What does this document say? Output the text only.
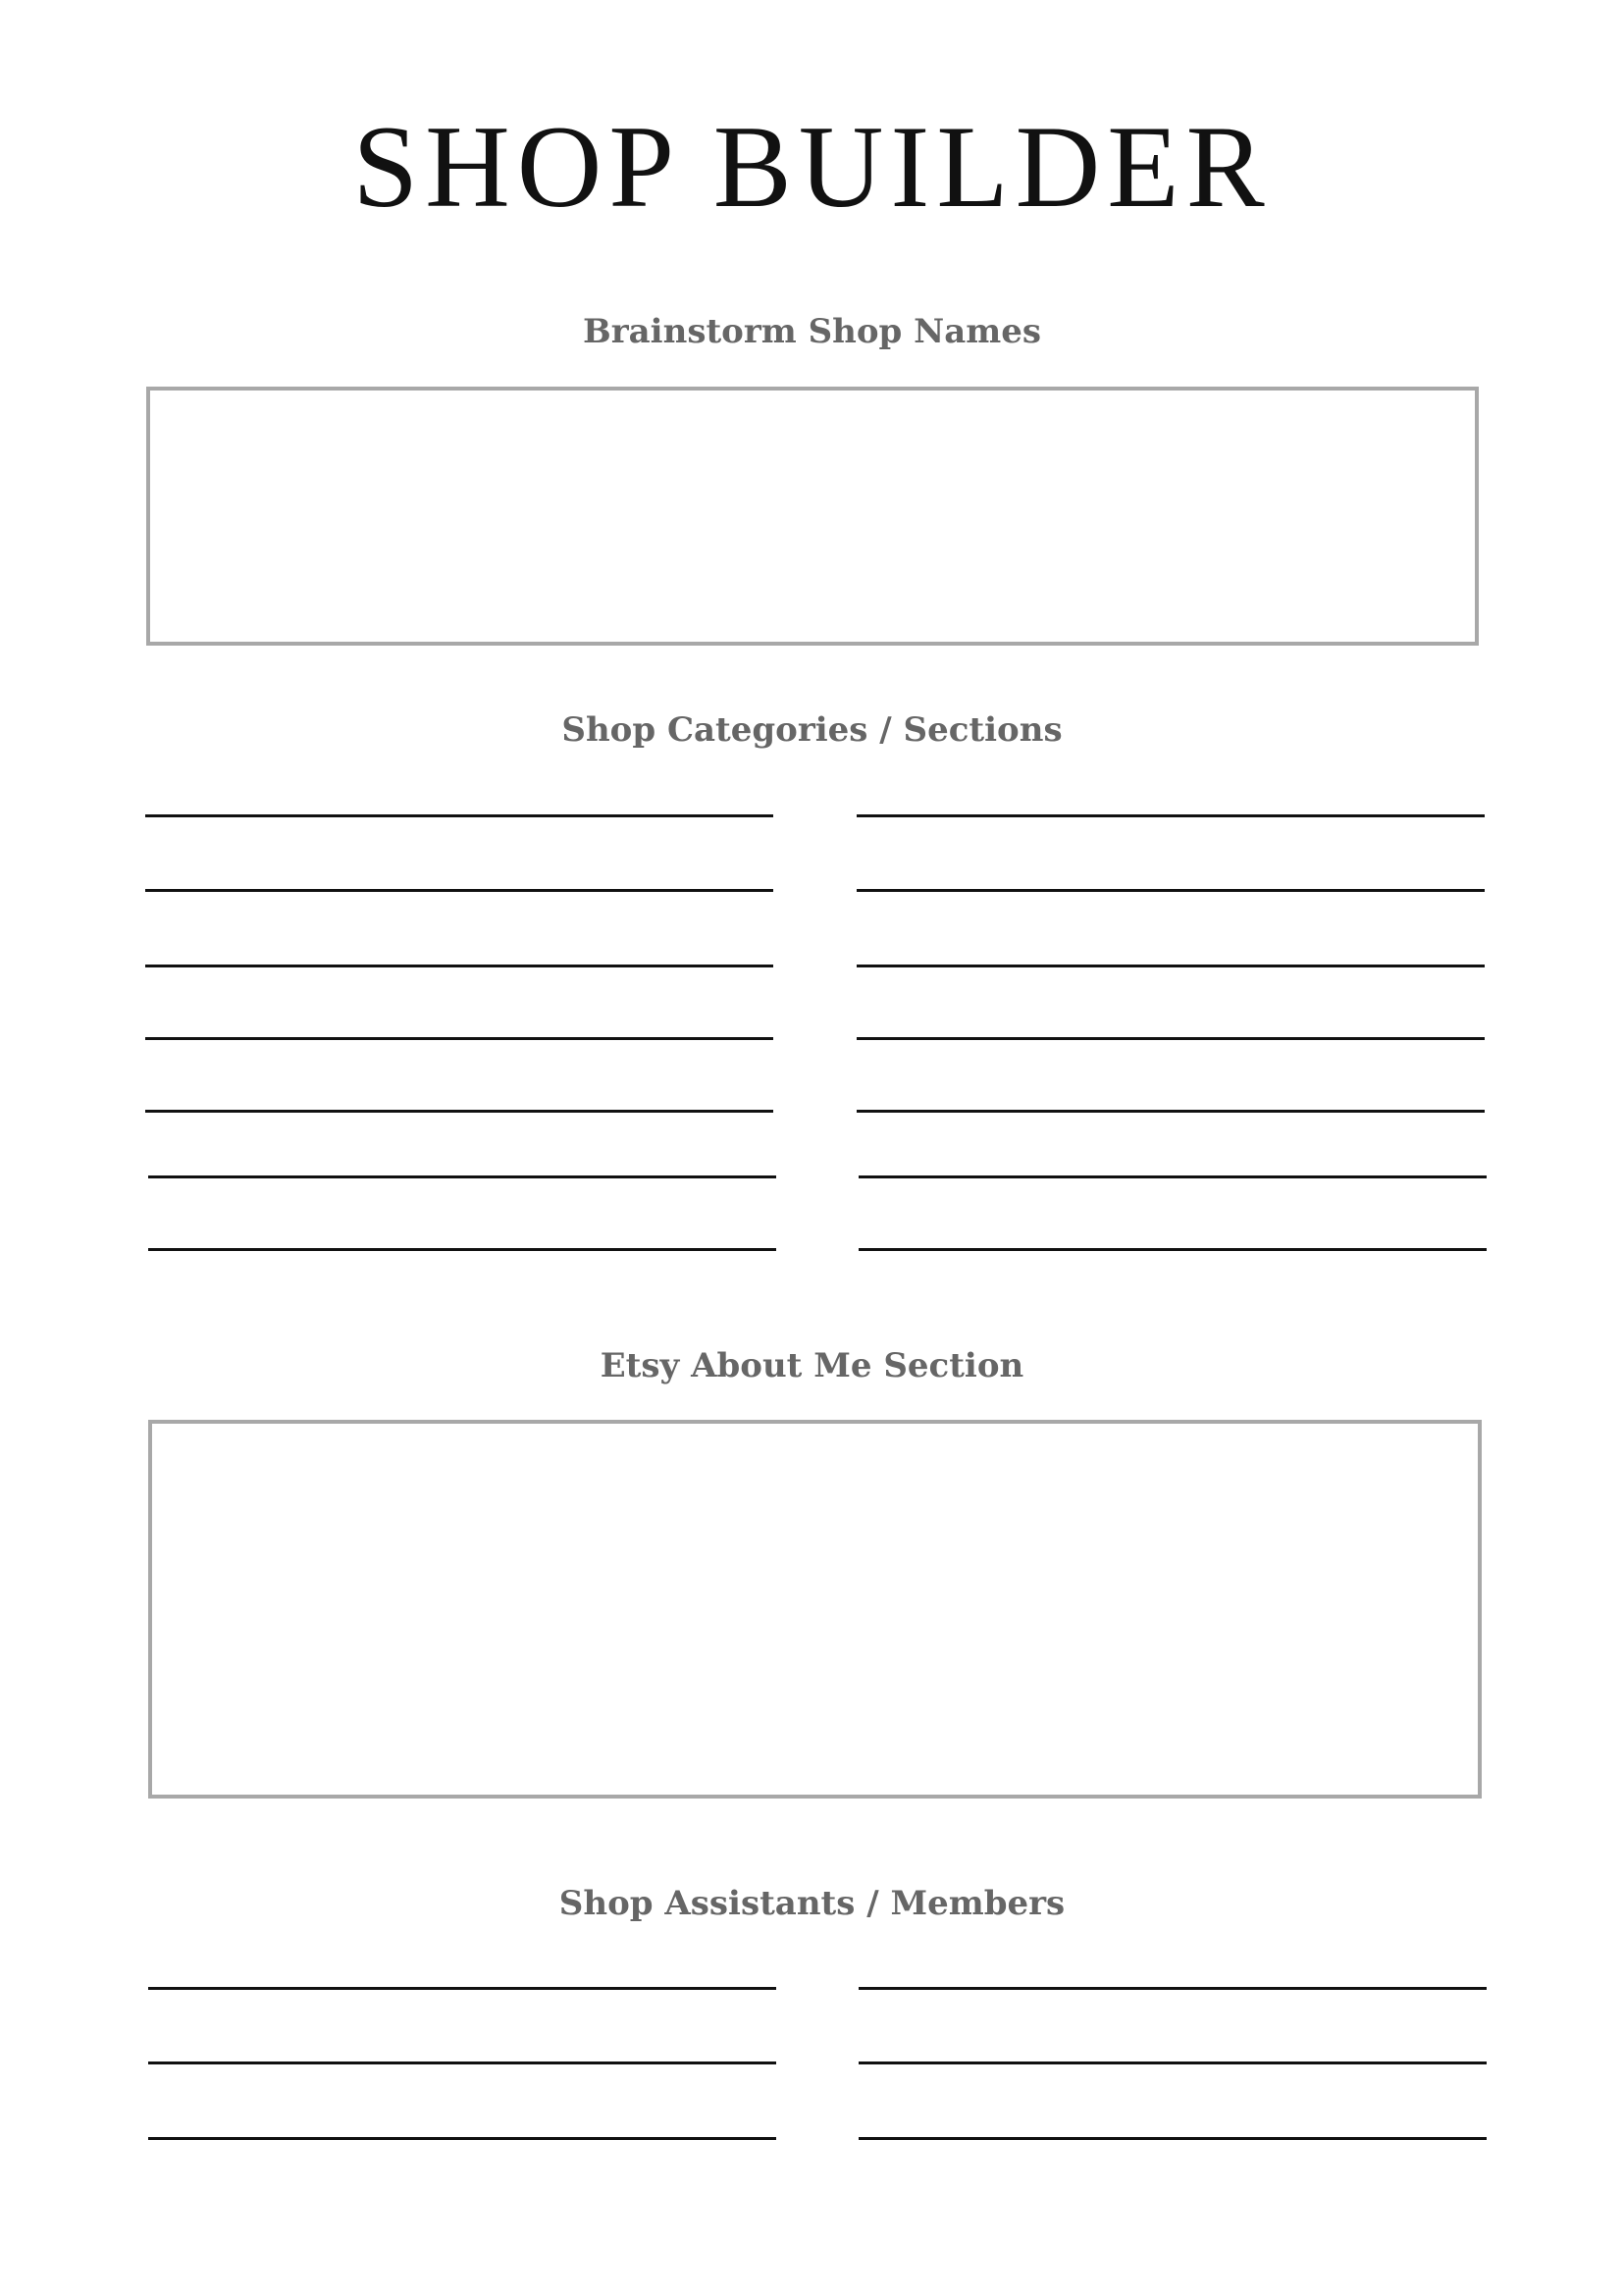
SHOP BUILDER
Brainstorm Shop Names
Shop Categories / Sections
Etsy About Me Section
Shop Assistants / Members
